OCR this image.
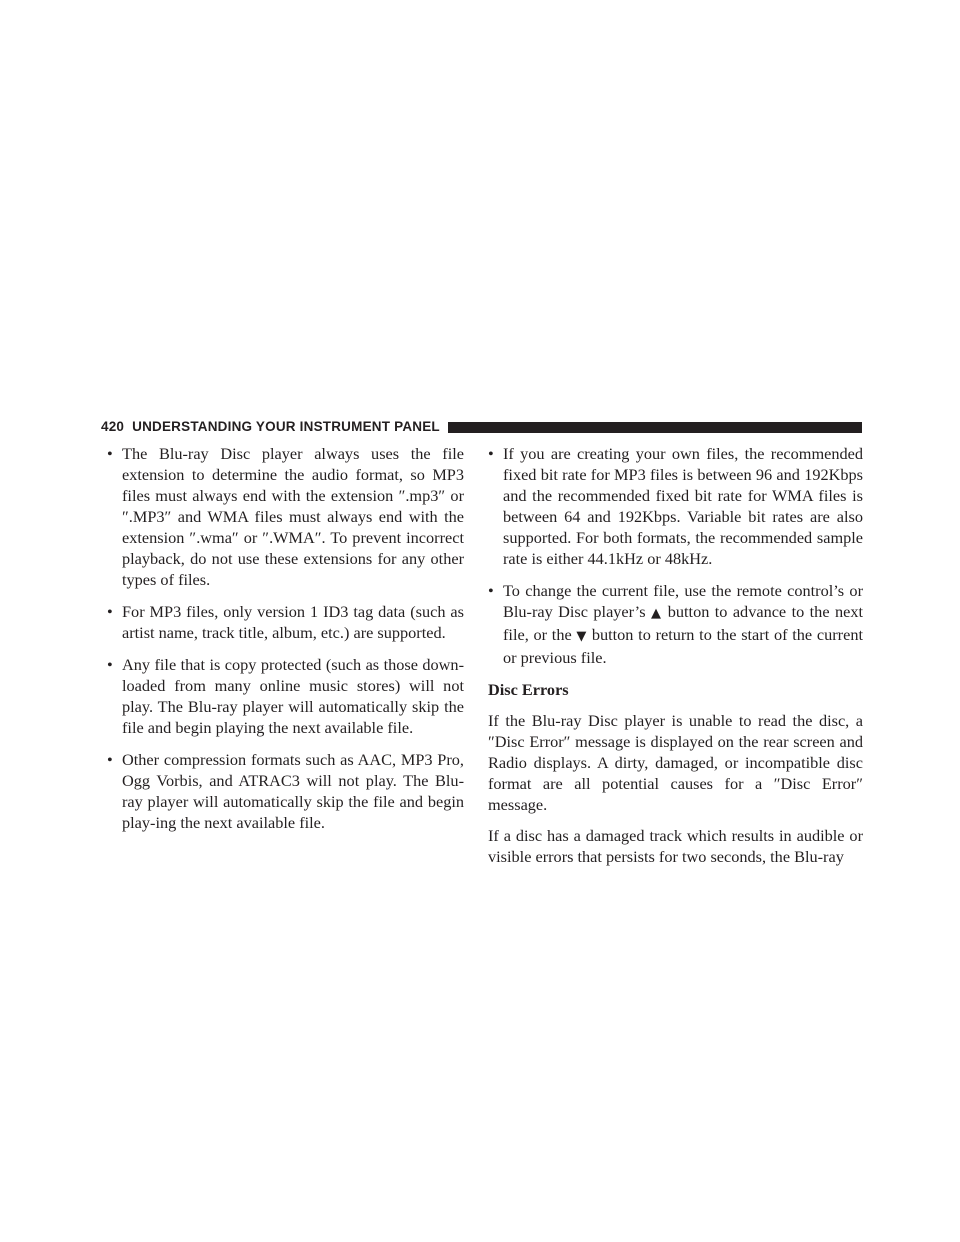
420 UNDERSTANDING YOUR INSTRUMENT PANEL
• The Blu-ray Disc player always uses the file extension to determine the audio format, so MP3 files must always end with the extension ″.mp3″ or ″.MP3″ and WMA files must always end with the extension ″.wma″ or ″.WMA″. To prevent incorrect playback, do not use these extensions for any other types of files.
• For MP3 files, only version 1 ID3 tag data (such as artist name, track title, album, etc.) are supported.
• Any file that is copy protected (such as those down-loaded from many online music stores) will not play. The Blu-ray player will automatically skip the file and begin playing the next available file.
• Other compression formats such as AAC, MP3 Pro, Ogg Vorbis, and ATRAC3 will not play. The Blu-ray player will automatically skip the file and begin play-ing the next available file.
• If you are creating your own files, the recommended fixed bit rate for MP3 files is between 96 and 192Kbps and the recommended fixed bit rate for WMA files is between 64 and 192Kbps. Variable bit rates are also supported. For both formats, the recommended sample rate is either 44.1kHz or 48kHz.
• To change the current file, use the remote control’s or Blu-ray Disc player’s ▲ button to advance to the next file, or the ▼ button to return to the start of the current or previous file.
Disc Errors

If the Blu-ray Disc player is unable to read the disc, a ″Disc Error″ message is displayed on the rear screen and Radio displays. A dirty, damaged, or incompatible disc format are all potential causes for a ″Disc Error″ message.

If a disc has a damaged track which results in audible or visible errors that persists for two seconds, the Blu-ray
